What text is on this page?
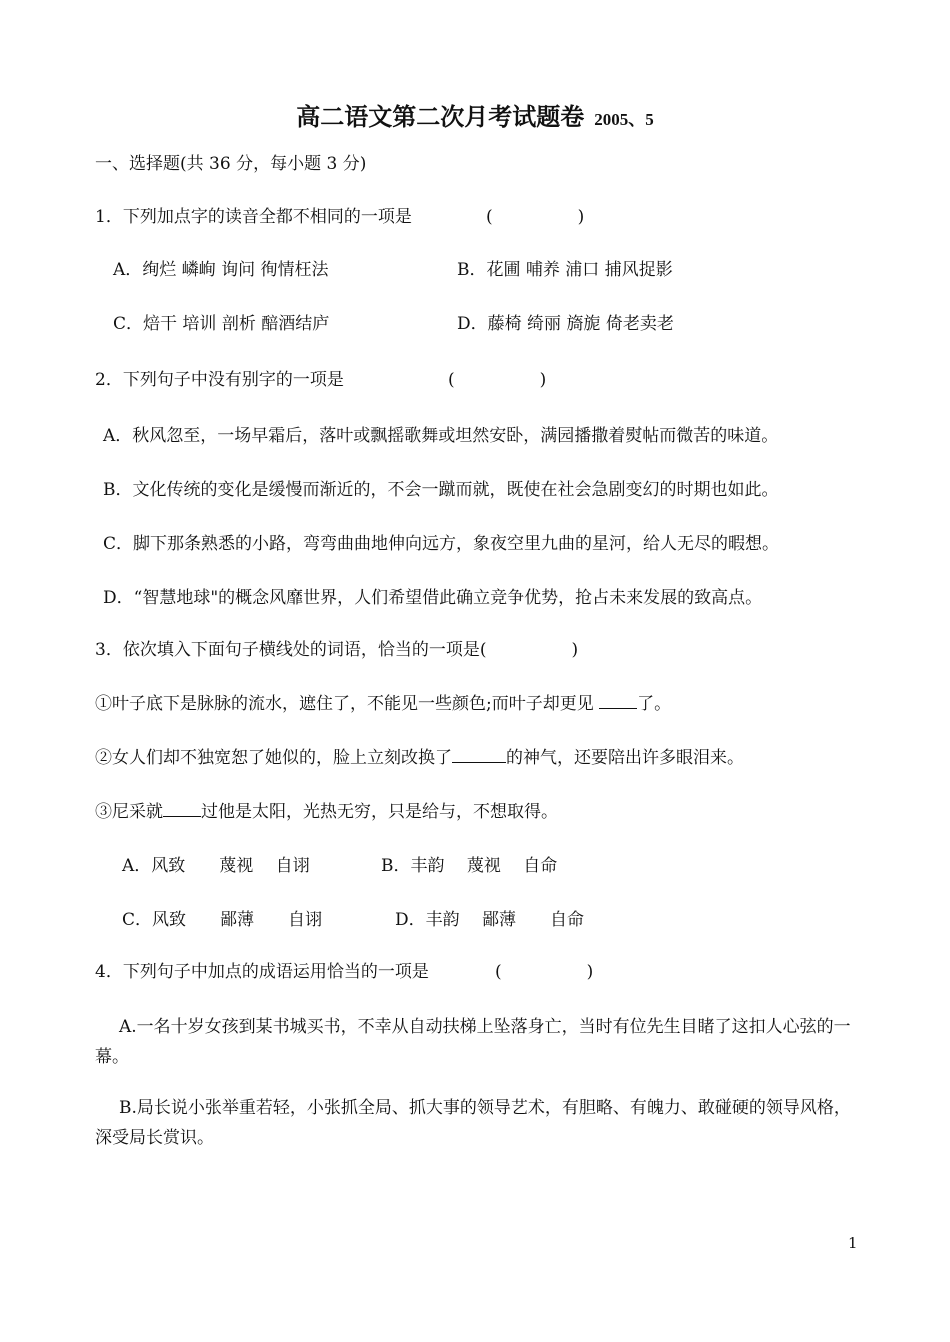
高二语文第二次月考试题卷 2005、5
一、选择题(共 36 分，每小题 3 分)
1．下列加点字的读音全都不相同的一项是	(　　　　　)
A．绚烂 嶙峋 询问 徇情枉法	B．花圃 哺养 浦口 捕风捉影
C．焙干 培训 剖析 醅酒结庐	D．藤椅 绮丽 旖旎 倚老卖老
2．下列句子中没有别字的一项是	(　　　　　)
A．秋风忽至，一场早霜后，落叶或飘摇歌舞或坦然安卧，满园播撒着熨帖而微苦的味道。
B．文化传统的变化是缓慢而渐近的，不会一蹴而就，既使在社会急剧变幻的时期也如此。
C．脚下那条熟悉的小路，弯弯曲曲地伸向远方，象夜空里九曲的星河，给人无尽的暇想。
D．“智慧地球"的概念风靡世界，人们希望借此确立竞争优势，抢占未来发展的致高点。
3．依次填入下面句子横线处的词语，恰当的一项是(　　　　　)
①叶子底下是脉脉的流水，遮住了，不能见一些颜色;而叶子却更见 了。
②女人们却不独宽恕了她似的，脸上立刻改换了	的神气，还要陪出许多眼泪来。
③尼采就 过他是太阳，光热无穷，只是给与，不想取得。
A．风致　　蔑视　 自诩	B．丰韵　 蔑视　 自命
C．风致　　鄙薄　　自诩	D．丰韵　 鄙薄　　自命
4．下列句子中加点的成语运用恰当的一项是	(　　　　　)
A.一名十岁女孩到某书城买书，不幸从自动扶梯上坠落身亡，当时有位先生目睹了这扣人心弦的一幕。
B.局长说小张举重若轻，小张抓全局、抓大事的领导艺术，有胆略、有魄力、敢碰硬的领导风格，深受局长赏识。
1
